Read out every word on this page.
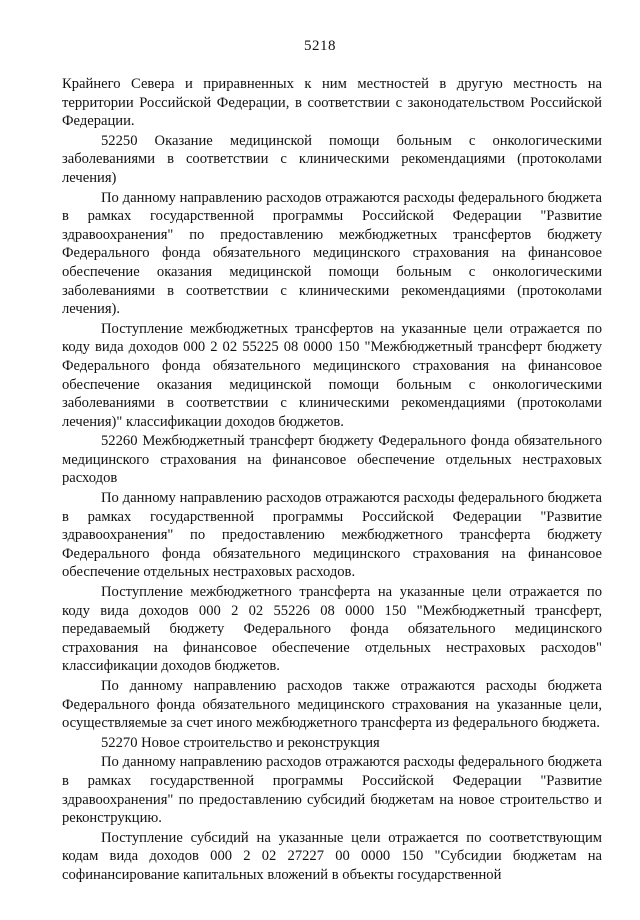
5218

Крайнего Севера и приравненных к ним местностей в другую местность на территории Российской Федерации, в соответствии с законодательством Российской Федерации.

52250 Оказание медицинской помощи больным с онкологическими заболеваниями в соответствии с клиническими рекомендациями (протоколами лечения)

По данному направлению расходов отражаются расходы федерального бюджета в рамках государственной программы Российской Федерации "Развитие здравоохранения" по предоставлению межбюджетных трансфертов бюджету Федерального фонда обязательного медицинского страхования на финансовое обеспечение оказания медицинской помощи больным с онкологическими заболеваниями в соответствии с клиническими рекомендациями (протоколами лечения).

Поступление межбюджетных трансфертов на указанные цели отражается по коду вида доходов 000 2 02 55225 08 0000 150 "Межбюджетный трансферт бюджету Федерального фонда обязательного медицинского страхования на финансовое обеспечение оказания медицинской помощи больным с онкологическими заболеваниями в соответствии с клиническими рекомендациями (протоколами лечения)" классификации доходов бюджетов.

52260 Межбюджетный трансферт бюджету Федерального фонда обязательного медицинского страхования на финансовое обеспечение отдельных нестраховых расходов

По данному направлению расходов отражаются расходы федерального бюджета в рамках государственной программы Российской Федерации "Развитие здравоохранения" по предоставлению межбюджетного трансферта бюджету Федерального фонда обязательного медицинского страхования на финансовое обеспечение отдельных нестраховых расходов.

Поступление межбюджетного трансферта на указанные цели отражается по коду вида доходов 000 2 02 55226 08 0000 150 "Межбюджетный трансферт, передаваемый бюджету Федерального фонда обязательного медицинского страхования на финансовое обеспечение отдельных нестраховых расходов" классификации доходов бюджетов.

По данному направлению расходов также отражаются расходы бюджета Федерального фонда обязательного медицинского страхования на указанные цели, осуществляемые за счет иного межбюджетного трансферта из федерального бюджета.

52270 Новое строительство и реконструкция

По данному направлению расходов отражаются расходы федерального бюджета в рамках государственной программы Российской Федерации "Развитие здравоохранения" по предоставлению субсидий бюджетам на новое строительство и реконструкцию.

Поступление субсидий на указанные цели отражается по соответствующим кодам вида доходов 000 2 02 27227 00 0000 150 "Субсидии бюджетам на софинансирование капитальных вложений в объекты государственной
